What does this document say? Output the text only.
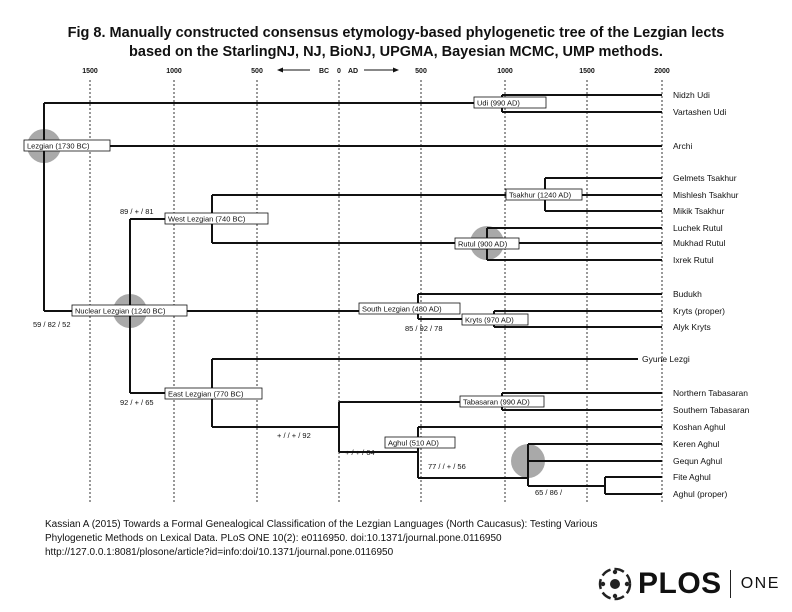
Fig 8. Manually constructed consensus etymology-based phylogenetic tree of the Lezgian lects
based on the StarlingNJ, NJ, BioNJ, UPGMA, Bayesian MCMC, UMP methods.
1500	1000	500	0	500	1000	1500	2000
BC	AD
Udi (990 AD)
Lezgian (1730 BC)
Tsakhur (1240 AD)
West Lezgian (740 BC)
Rutul (900 AD)
Nuclear Lezgian (1240 BC)	South Lezgian (480 AD)
Kryts (970 AD)
East Lezgian (770 BC)
Tabasaran (990 AD)
Aghul (510 AD)
89 / + / 81
59 / 82 / 52	85 / 92 / 78
92 / + / 65
+ / / + / 92
+ / + / 64
77 / / + / 56
65 / 86 /
Nidzh Udi
Vartashen Udi
Archi
Gelmets Tsakhur
Mishlesh Tsakhur
Mikik Tsakhur
Luchek Rutul
Mukhad Rutul
Ixrek Rutul
Budukh
Kryts (proper)
Alyk Kryts
Gyune Lezgi
Northern Tabasaran
Southern Tabasaran
Koshan Aghul
Keren Aghul
Gequn Aghul
Fite Aghul
Aghul (proper)
Kassian A (2015) Towards a Formal Genealogical Classification of the Lezgian Languages (North Caucasus): Testing Various
Phylogenetic Methods on Lexical Data. PLoS ONE 10(2): e0116950. doi:10.1371/journal.pone.0116950
http://127.0.0.1:8081/plosone/article?id=info:doi/10.1371/journal.pone.0116950
PLOS ONE
